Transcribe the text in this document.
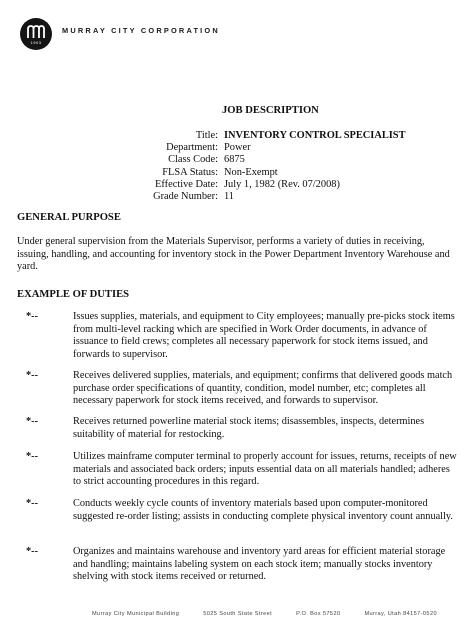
1903
MURRAY CITY CORPORATION
JOB DESCRIPTION
Title: INVENTORY CONTROL SPECIALIST
Department: Power
Class Code: 6875
FLSA Status: Non-Exempt
Effective Date: July 1, 1982 (Rev. 07/2008)
Grade Number: 11
GENERAL PURPOSE
Under general supervision from the Materials Supervisor, performs a variety of duties in receiving, issuing, handling, and accounting for inventory stock in the Power Department Inventory Warehouse and yard.
EXAMPLE OF DUTIES
*--	Issues supplies, materials, and equipment to City employees; manually pre-picks stock items from multi-level racking which are specified in Work Order documents, in advance of issuance to field crews; completes all necessary paperwork for stock items issued, and forwards to supervisor.
*--	Receives delivered supplies, materials, and equipment; confirms that delivered goods match purchase order specifications of quantity, condition, model number, etc; completes all necessary paperwork for stock items received, and forwards to supervisor.
*--	Receives returned powerline material stock items; disassembles, inspects, determines suitability of material for restocking.
*--	Utilizes mainframe computer terminal to properly account for issues, returns, receipts of new materials and associated back orders; inputs essential data on all materials handled; adheres to strict accounting procedures in this regard.
*--	Conducts weekly cycle counts of inventory materials based upon computer-monitored suggested re-order listing; assists in conducting complete physical inventory count annually.
*--	Organizes and maintains warehouse and inventory yard areas for efficient material storage and handling; maintains labeling system on each stock item; manually stocks inventory shelving with stock items received or returned.
Murray City Municipal Building	5025 South State Street	P.O. Box 57520	Murray, Utah 84157-0520
